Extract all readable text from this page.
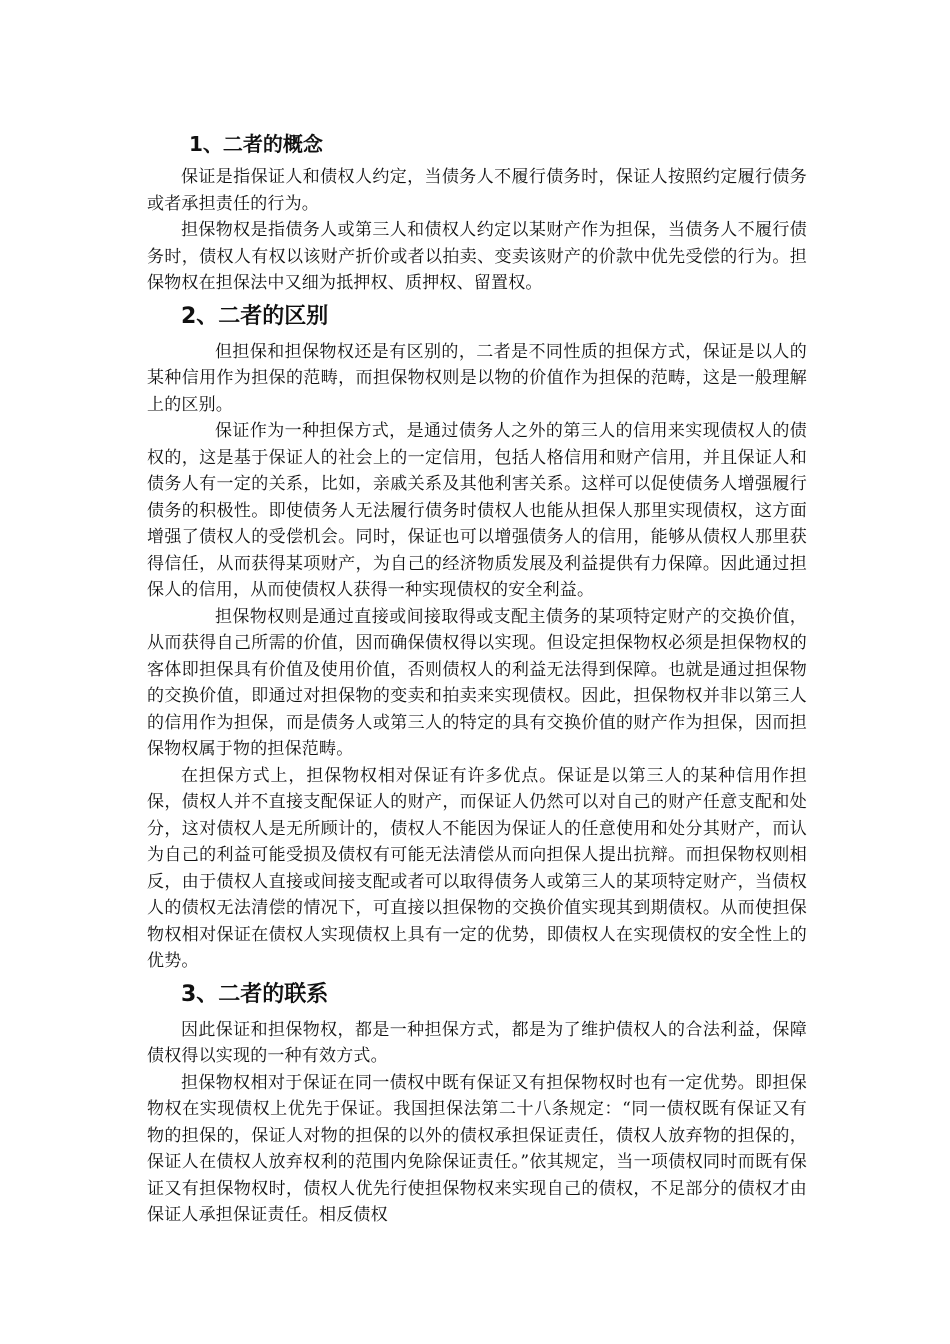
1、二者的概念

保证是指保证人和债权人约定，当债务人不履行债务时，保证人按照约定履行债务或者承担责任的行为。

担保物权是指债务人或第三人和债权人约定以某财产作为担保，当债务人不履行债务时，债权人有权以该财产折价或者以拍卖、变卖该财产的价款中优先受偿的行为。担保物权在担保法中又细为抵押权、质押权、留置权。

2、二者的区别

但担保和担保物权还是有区别的，二者是不同性质的担保方式，保证是以人的某种信用作为担保的范畴，而担保物权则是以物的价值作为担保的范畴，这是一般理解上的区别。

保证作为一种担保方式，是通过债务人之外的第三人的信用来实现债权人的债权的，这是基于保证人的社会上的一定信用，包括人格信用和财产信用，并且保证人和债务人有一定的关系，比如，亲戚关系及其他利害关系。这样可以促使债务人增强履行债务的积极性。即使债务人无法履行债务时债权人也能从担保人那里实现债权，这方面增强了债权人的受偿机会。同时，保证也可以增强债务人的信用，能够从债权人那里获得信任，从而获得某项财产，为自己的经济物质发展及利益提供有力保障。因此通过担保人的信用，从而使债权人获得一种实现债权的安全利益。

担保物权则是通过直接或间接取得或支配主债务的某项特定财产的交换价值，从而获得自己所需的价值，因而确保债权得以实现。但设定担保物权必须是担保物权的客体即担保具有价值及使用价值，否则债权人的利益无法得到保障。也就是通过担保物的交换价值，即通过对担保物的变卖和拍卖来实现债权。因此，担保物权并非以第三人的信用作为担保，而是债务人或第三人的特定的具有交换价值的财产作为担保，因而担保物权属于物的担保范畴。

在担保方式上，担保物权相对保证有许多优点。保证是以第三人的某种信用作担保，债权人并不直接支配保证人的财产，而保证人仍然可以对自己的财产任意支配和处分，这对债权人是无所顾计的，债权人不能因为保证人的任意使用和处分其财产，而认为自己的利益可能受损及债权有可能无法清偿从而向担保人提出抗辩。而担保物权则相反，由于债权人直接或间接支配或者可以取得债务人或第三人的某项特定财产，当债权人的债权无法清偿的情况下，可直接以担保物的交换价值实现其到期债权。从而使担保物权相对保证在债权人实现债权上具有一定的优势，即债权人在实现债权的安全性上的优势。

3、二者的联系

因此保证和担保物权，都是一种担保方式，都是为了维护债权人的合法利益，保障债权得以实现的一种有效方式。

担保物权相对于保证在同一债权中既有保证又有担保物权时也有一定优势。即担保物权在实现债权上优先于保证。我国担保法第二十八条规定：“同一债权既有保证又有物的担保的，保证人对物的担保的以外的债权承担保证责任，债权人放弃物的担保的，保证人在债权人放弃权利的范围内免除保证责任。”依其规定，当一项债权同时而既有保证又有担保物权时，债权人优先行使担保物权来实现自己的债权，不足部分的债权才由保证人承担保证责任。相反债权
